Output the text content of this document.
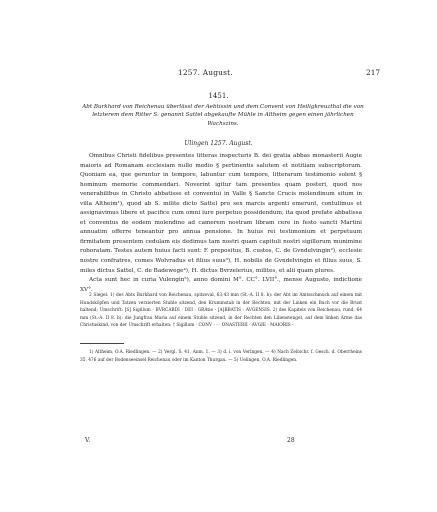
1257. August.	217
1451.
Abt Burkhard von Reichenau überlässt der Aebtissin und dem Convent von Heiligkreuzthal die von letzterem dem Ritter S. genannt Sattel abgekaufte Mühle in Altheim gegen einen jährlichen Wachszins.
Ulingen 1257. August.

Omnibus Christi fidelibus presentes litteras inspecturis B. dei gratia abbas monasterii Augie maioris ad Romanam ecclesiam nullo medio § pertinentis salutem et notitiam subscriptorum. Quoniam ea, que geruntur in tempore, labuntur cum tempore, litterarum testimonio solent § hominum memorie commendari. Noverint igitur tam presentes quam posteri, quod nos venerabilibus in Christo abbatisse et conventui in Valle § Sancte Crucis molendinum situm in villa Altheim¹), quod ab S. milite dicto Sattel pro sex marcis argenti emerunt, contulimus et assignavimus libere et pacifice cum omni iure perpetuo possidendum, ita quod prefate abbatissa et conventus de eodem molendino ad camerem nostram libram cere in festo sancti Martini annuatim offerre teneantur pro annua pensione. In huius rei testimonium et perpetuum firmitatem presentem cedulam eis dedimus tam nostri quam capituli nostri sigillorum munimine roboratam. Testes autem huius facti sunt: F. prepositus, B. custos, C. de Gvndelvingin²), ecclesie nostre confratres, comes Wolvradus et filius suus³), H. nobilis de Gvndelvingin et filius suus, S. miles dictus Sattel, C. de Badewege⁴), H. dictus Bvrzelerius, milites, et alii quam plures.

Acta sunt hec in curia Vulengin⁵), anno domini M°. CC°. LVII°., mense Augusto, indictione XV°.

2 Siegel: 1) des Abts Burkhard von Reichenau, spitzoval, 63,43 mm (St.-A. II 8. b): der Abt im Amtsschmuck auf einem mit Hundsköpfen und Tatzen verzierten Stuhle sitzend, den Krummstab in der Rechten, mit der Linken ein Buch vor die Brust haltend; Umschrift: [S] Sigillum · BVRCARDI · DEI · GRAtie · [A]BBATIS · AVGENSIS. 2) des Kapitels von Reichenau, rund, 64 mm (St.-A. II 8. b): die Jungfrau Maria auf einem Stuhle sitzend, in der Rechten den Lilienstengel, auf dem linken Arme das Christuskind, von der Umschrift erhalten: † Sigillum · CONV · · · ONASTERII · AVGIE · MAIORIS ·

1) Altheim, O.A. Riedlingen. — 2) Vergl. S. 41, Anm. 1. — 3) d. i. von Veringen. — 4) Nach Zeitschr. f. Gesch. d. Oberrheins 35, 476 auf der Bodenseeinsel Reichenau oder im Kanton Thurgau. — 5) Uelingen, O.A. Riedlingen.

V.	28
